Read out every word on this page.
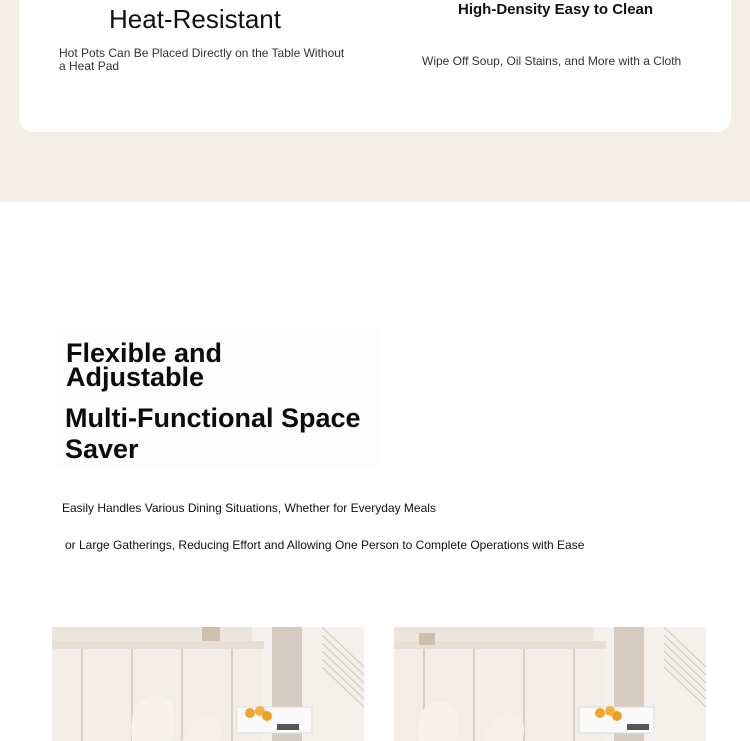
Heat-Resistant
Hot Pots Can Be Placed Directly on the Table Without a Heat Pad
High-Density Easy to Clean
Wipe Off Soup, Oil Stains, and More with a Cloth
Flexible and Adjustable
Multi-Functional Space Saver
Easily Handles Various Dining Situations, Whether for Everyday Meals
or Large Gatherings, Reducing Effort and Allowing One Person to Complete Operations with Ease
